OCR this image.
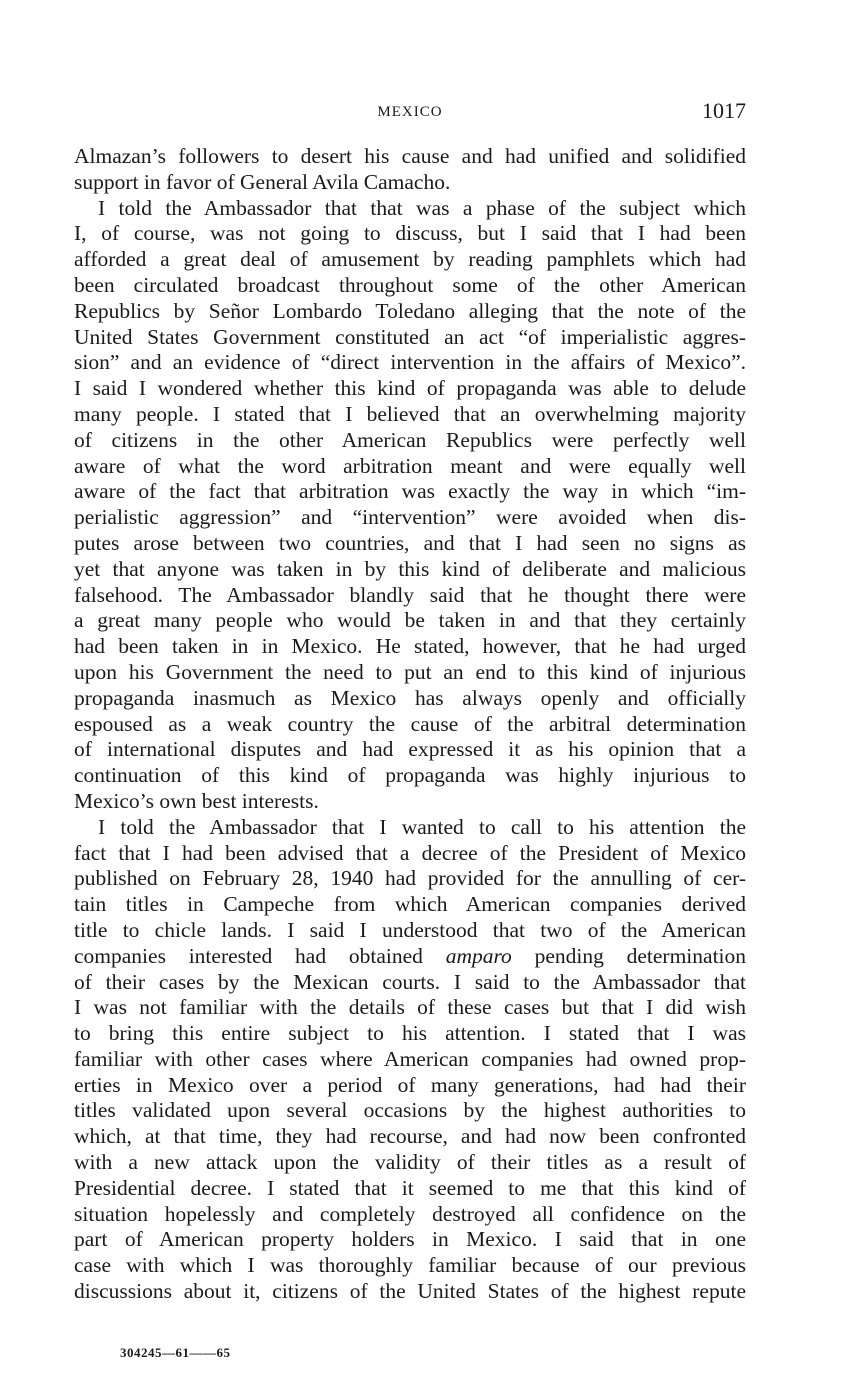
MEXICO	1017
Almazan’s followers to desert his cause and had unified and solidified
support in favor of General Avila Camacho.
I told the Ambassador that that was a phase of the subject which
I, of course, was not going to discuss, but I said that I had been
afforded a great deal of amusement by reading pamphlets which had
been circulated broadcast throughout some of the other American
Republics by Señor Lombardo Toledano alleging that the note of the
United States Government constituted an act “of imperialistic aggres-
sion” and an evidence of “direct intervention in the affairs of Mexico”.
I said I wondered whether this kind of propaganda was able to delude
many people. I stated that I believed that an overwhelming majority
of citizens in the other American Republics were perfectly well
aware of what the word arbitration meant and were equally well
aware of the fact that arbitration was exactly the way in which “im-
perialistic aggression” and “intervention” were avoided when dis-
putes arose between two countries, and that I had seen no signs as
yet that anyone was taken in by this kind of deliberate and malicious
falsehood. The Ambassador blandly said that he thought there were
a great many people who would be taken in and that they certainly
had been taken in in Mexico. He stated, however, that he had urged
upon his Government the need to put an end to this kind of injurious
propaganda inasmuch as Mexico has always openly and officially
espoused as a weak country the cause of the arbitral determination
of international disputes and had expressed it as his opinion that a
continuation of this kind of propaganda was highly injurious to
Mexico’s own best interests.
I told the Ambassador that I wanted to call to his attention the
fact that I had been advised that a decree of the President of Mexico
published on February 28, 1940 had provided for the annulling of cer-
tain titles in Campeche from which American companies derived
title to chicle lands. I said I understood that two of the American
companies interested had obtained amparo pending determination
of their cases by the Mexican courts. I said to the Ambassador that
I was not familiar with the details of these cases but that I did wish
to bring this entire subject to his attention. I stated that I was
familiar with other cases where American companies had owned prop-
erties in Mexico over a period of many generations, had had their
titles validated upon several occasions by the highest authorities to
which, at that time, they had recourse, and had now been confronted
with a new attack upon the validity of their titles as a result of
Presidential decree. I stated that it seemed to me that this kind of
situation hopelessly and completely destroyed all confidence on the
part of American property holders in Mexico. I said that in one
case with which I was thoroughly familiar because of our previous
discussions about it, citizens of the United States of the highest repute
304245—61——65
